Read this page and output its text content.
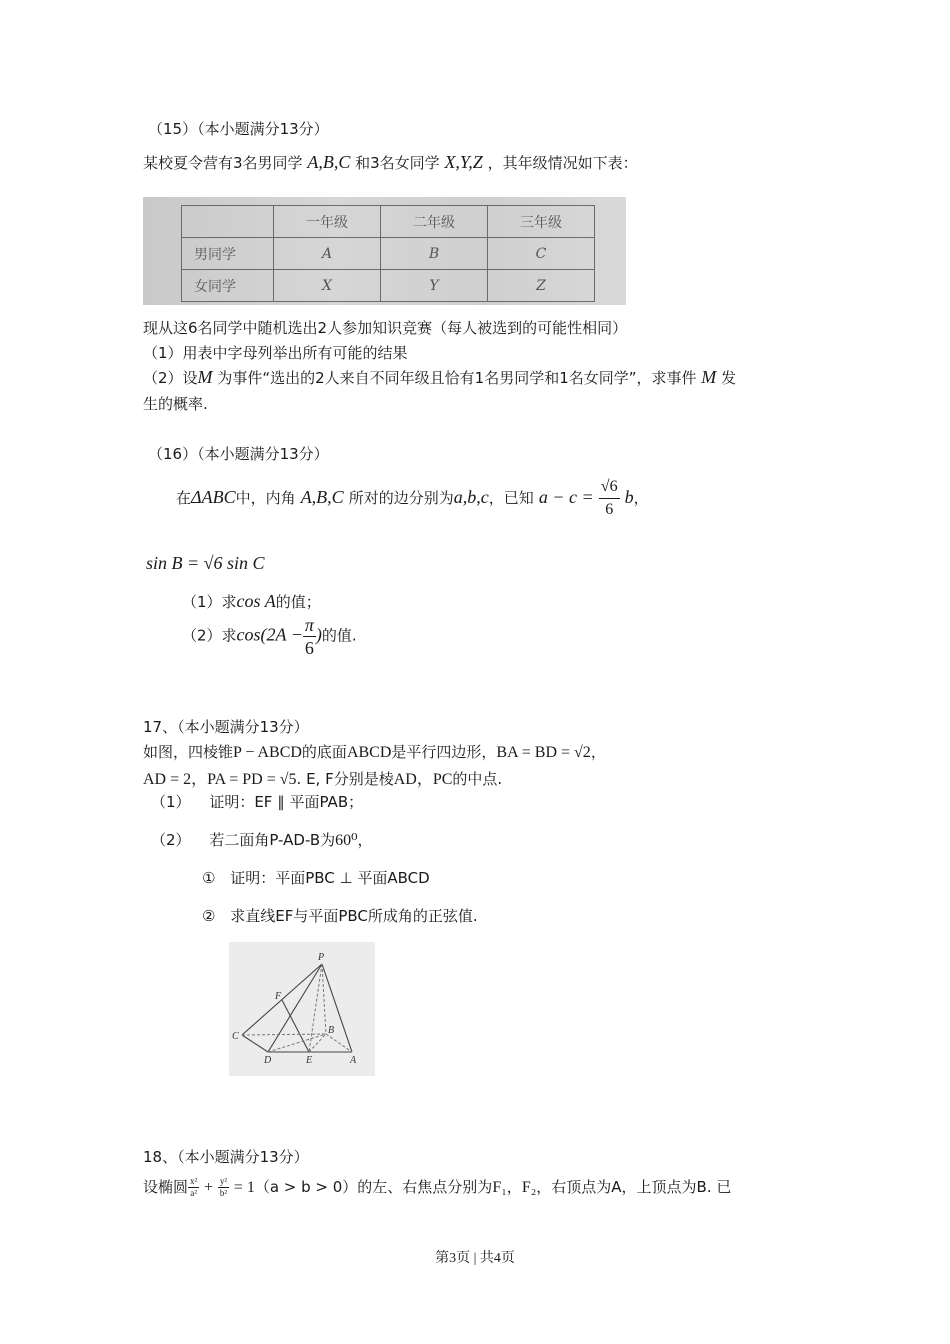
（15）（本小题满分13分）
某校夏令营有3名男同学 A,B,C 和3名女同学 X,Y,Z ，其年级情况如下表：
	一年级	二年级	三年级
男同学	A	B	C
女同学	X	Y	Z
现从这6名同学中随机选出2人参加知识竞赛（每人被选到的可能性相同）
（1）用表中字母列举出所有可能的结果
（2）设M 为事件“选出的2人来自不同年级且恰有1名男同学和1名女同学”，求事件 M 发
生的概率.
（16）（本小题满分13分）
在ΔABC中，内角 A,B,C 所对的边分别为a,b,c，已知 $a - c = \frac{√6}{6}$ b，
sin B = √6 sin C
（1）求cos A的值；
（2）求$\cos(2A - \frac{\pi}{6}$ )的值.
17、（本小题满分13分）
如图，四棱锥P − ABCD的底面ABCD是平行四边形，BA = BD = √2，
AD = 2，PA = PD = √5. E, F分别是棱AD，PC的中点.
（1） 证明：EF ∥ 平面PAB；
（2） 若二面角P-AD-B为60⁰，
① 证明：平面PBC ⊥ 平面ABCD
② 求直线EF与平面PBC所成角的正弦值.
P
F
C
B
D	E	A
18、（本小题满分13分）
设椭圆 $\frac{\text{x²}}{\text{a²}} + \frac{\text{y²}}{\text{b²}} = 1(a > b > 0)$的左、右焦点分别为F₁，F₂，右顶点为A，上顶点为B. 已
第3页 | 共4页
